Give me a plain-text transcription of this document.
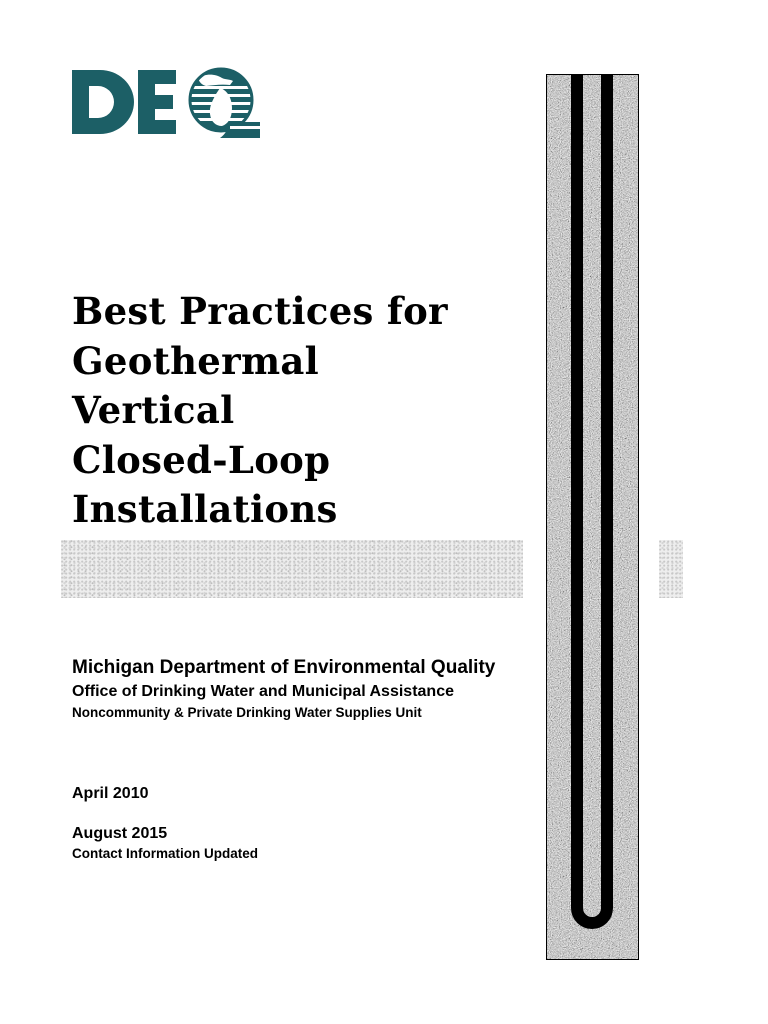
Best Practices for
Geothermal
Vertical
Closed-Loop
Installations

Michigan Department of Environmental Quality

Office of Drinking Water and Municipal Assistance

Noncommunity & Private Drinking Water Supplies Unit

April 2010

August 2015

Contact Information Updated
